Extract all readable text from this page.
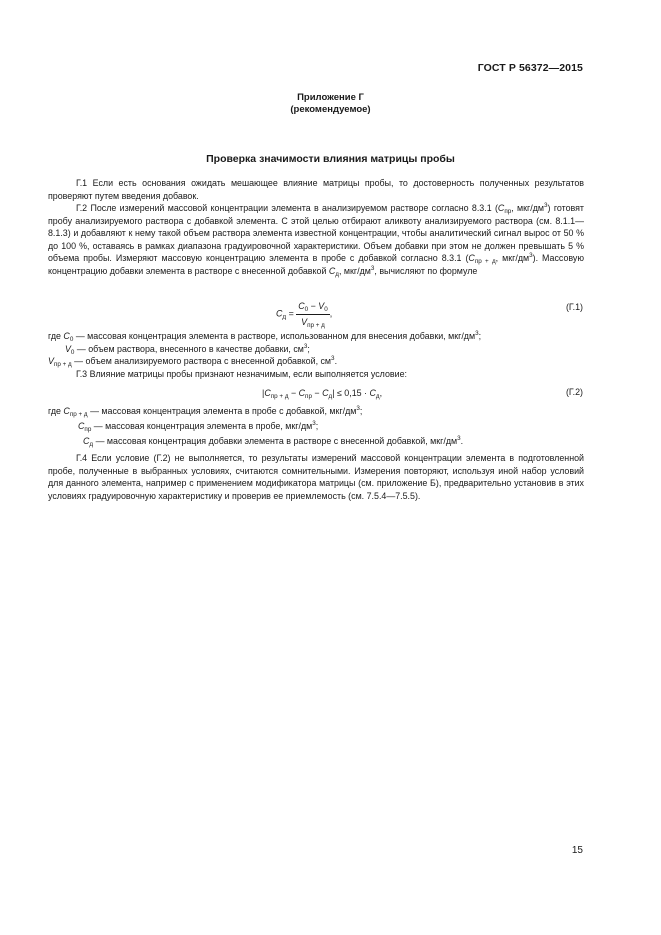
ГОСТ Р 56372—2015
Приложение Г
(рекомендуемое)
Проверка значимости влияния матрицы пробы
Г.1 Если есть основания ожидать мешающее влияние матрицы пробы, то достоверность полученных результатов проверяют путем введения добавок.
Г.2 После измерений массовой концентрации элемента в анализируемом растворе согласно 8.3.1 ($C_{пр}$, мкг/$дм^3$) готовят пробу анализируемого раствора с добавкой элемента. С этой целью отбирают аликвоту анализируемого раствора (см. 8.1.1—8.1.3) и добавляют к нему такой объем раствора элемента известной концентрации, чтобы аналитический сигнал вырос от 50 % до 100 %, оставаясь в рамках диапазона градуировочной характеристики. Объем добавки при этом не должен превышать 5 % объема пробы. Измеряют массовую концентрацию элемента в пробе с добавкой согласно 8.3.1 ($C_{пр + д}$, мкг/$дм^3$). Массовую концентрацию добавки элемента в растворе с внесенной добавкой $C_д$, мкг/$дм^3$, вычисляют по формуле
$C_д = \frac{C_0 - V_0}{V_{пр + д}}$ ,
(Г.1)
где $C_0$ — массовая концентрация элемента в растворе, использованном для внесения добавки, мкг/$дм^3$;
$V_0$ — объем раствора, внесенного в качестве добавки, $см^3$;
$V_{пр + д}$ — объем анализируемого раствора с внесенной добавкой, $см^3$.
Г.3 Влияние матрицы пробы признают незначимым, если выполняется условие:
$|C_{пр + д} - C_{пр} - C_д| \le 0,15 \cdot C_д$,	(Г.2)
где $C_{пр + д}$ — массовая концентрация элемента в пробе с добавкой, мкг/$дм^3$;
$C_{пр}$ — массовая концентрация элемента в пробе, мкг/$дм^3$;
$C_д$ — массовая концентрация добавки элемента в растворе с внесенной добавкой, мкг/$дм^3$.
Г.4 Если условие (Г.2) не выполняется, то результаты измерений массовой концентрации элемента в подготовленной пробе, полученные в выбранных условиях, считаются сомнительными. Измерения повторяют, используя иной набор условий для данного элемента, например с применением модификатора матрицы (см. приложение Б), предварительно установив в этих условиях градуировочную характеристику и проверив ее приемлемость (см. 7.5.4—7.5.5).
15
